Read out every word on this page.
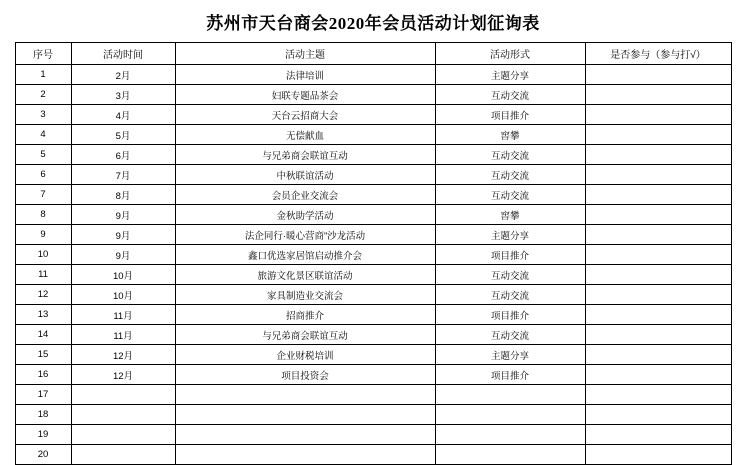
苏州市天台商会2020年会员活动计划征询表
序号	活动时间	活动主题	活动形式	是否参与（参与打√）
1	2月	法律培训	主题分享	
2	3月	妇联专题品茶会	互动交流	
3	4月	天台云招商大会	项目推介	
4	5月	无偿献血	窖攀	
5	6月	与兄弟商会联谊互动	互动交流	
6	7月	中秋联谊活动	互动交流	
7	8月	会员企业交流会	互动交流	
8	9月	金秋助学活动	窖攀	
9	9月	法企同行·暖心营商”沙龙活动	主题分享	
10	9月	鑫口优选家居馆启动推介会	项目推介	
11	10月	旅游文化景区联谊活动	互动交流	
12	10月	家具制造业交流会	互动交流	
13	11月	招商推介	项目推介	
14	11月	与兄弟商会联谊互动	互动交流	
15	12月	企业财税培训	主题分享	
16	12月	项目投资会	项目推介	
17				
18				
19				
20				
